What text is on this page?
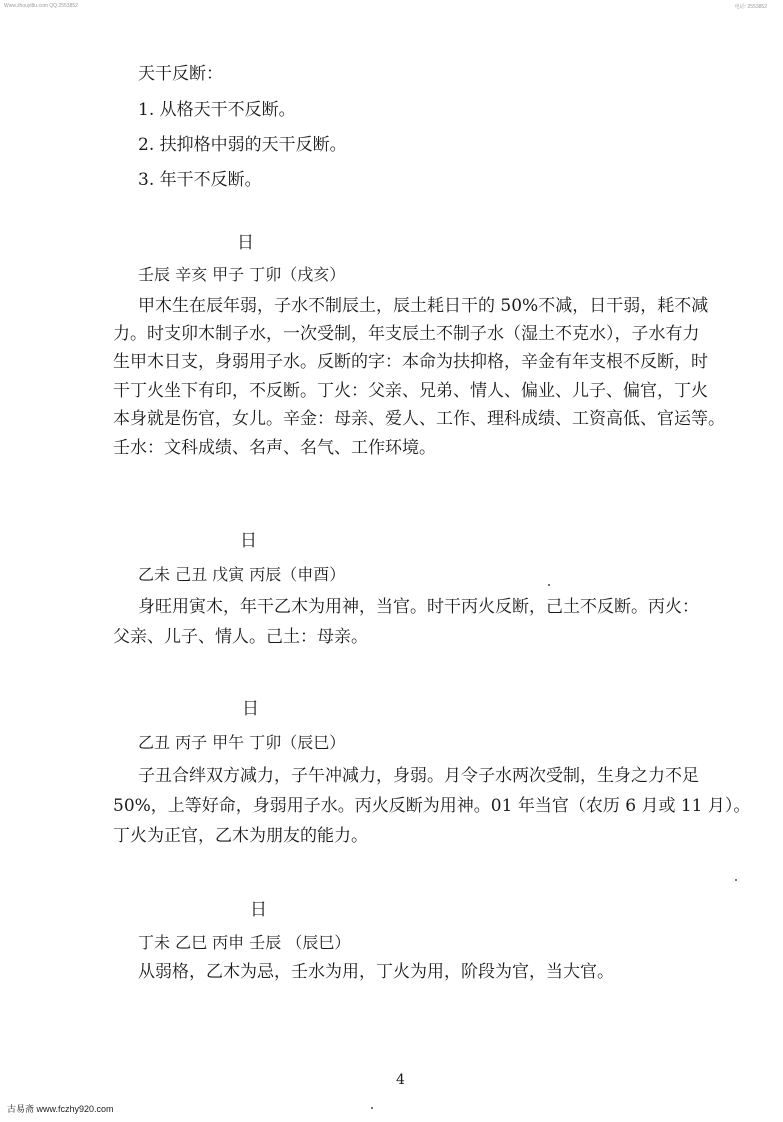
Www.zhouyi8u.com QQ:2553852	电话: 2553852
天干反断：
1. 从格天干不反断。
2. 扶抑格中弱的天干反断。
3. 年干不反断。
日
壬辰 辛亥 甲子 丁卯（戌亥）
甲木生在辰年弱，子水不制辰土，辰土耗日干的 50%不减，日干弱，耗不减
力。时支卯木制子水，一次受制，年支辰土不制子水（湿土不克水），子水有力
生甲木日支，身弱用子水。反断的字：本命为扶抑格，辛金有年支根不反断，时
干丁火坐下有印，不反断。丁火：父亲、兄弟、情人、偏业、儿子、偏官，丁火
本身就是伤官，女儿。辛金：母亲、爱人、工作、理科成绩、工资高低、官运等。
壬水：文科成绩、名声、名气、工作环境。
日
乙未 己丑 戊寅 丙辰（申酉）
身旺用寅木，年干乙木为用神，当官。时干丙火反断，己土不反断。丙火：
父亲、儿子、情人。己土：母亲。
日
乙丑 丙子 甲午 丁卯（辰巳）
子丑合绊双方减力，子午冲减力，身弱。月令子水两次受制，生身之力不足
50%，上等好命，身弱用子水。丙火反断为用神。01 年当官（农历 6 月或 11 月）。
丁火为正官，乙木为朋友的能力。
日
丁未 乙巳 丙申 壬辰 （辰巳）
从弱格，乙木为忌，壬水为用，丁火为用，阶段为官，当大官。
4
古易斋 www.fczhy920.com
